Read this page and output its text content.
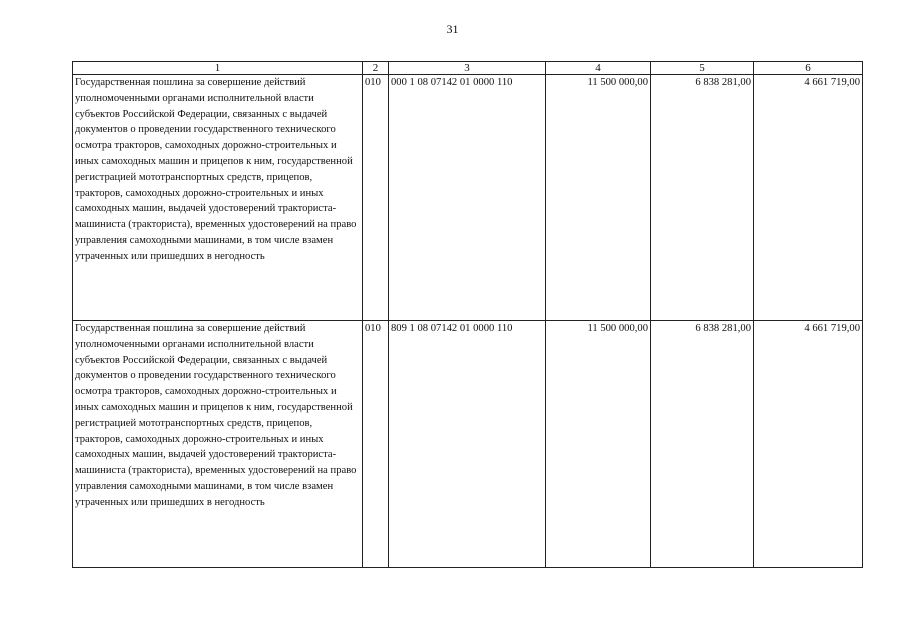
31
1	2	3	4	5	6
Государственная пошлина за совершение действий уполномоченными органами исполнительной власти субъектов Российской Федерации, связанных с выдачей документов о проведении государственного технического осмотра тракторов, самоходных дорожно-строительных и иных самоходных машин и прицепов к ним, государственной регистрацией мототранспортных средств, прицепов, тракторов, самоходных дорожно-строительных и иных самоходных машин, выдачей удостоверений тракториста-машиниста (тракториста), временных удостоверений на право управления самоходными машинами, в том числе взамен утраченных или пришедших в негодность	010	000 1 08 07142 01 0000 110	11 500 000,00	6 838 281,00	4 661 719,00
Государственная пошлина за совершение действий уполномоченными органами исполнительной власти субъектов Российской Федерации, связанных с выдачей документов о проведении государственного технического осмотра тракторов, самоходных дорожно-строительных и иных самоходных машин и прицепов к ним, государственной регистрацией мототранспортных средств, прицепов, тракторов, самоходных дорожно-строительных и иных самоходных машин, выдачей удостоверений тракториста-машиниста (тракториста), временных удостоверений на право управления самоходными машинами, в том числе взамен утраченных или пришедших в негодность	010	809 1 08 07142 01 0000 110	11 500 000,00	6 838 281,00	4 661 719,00
